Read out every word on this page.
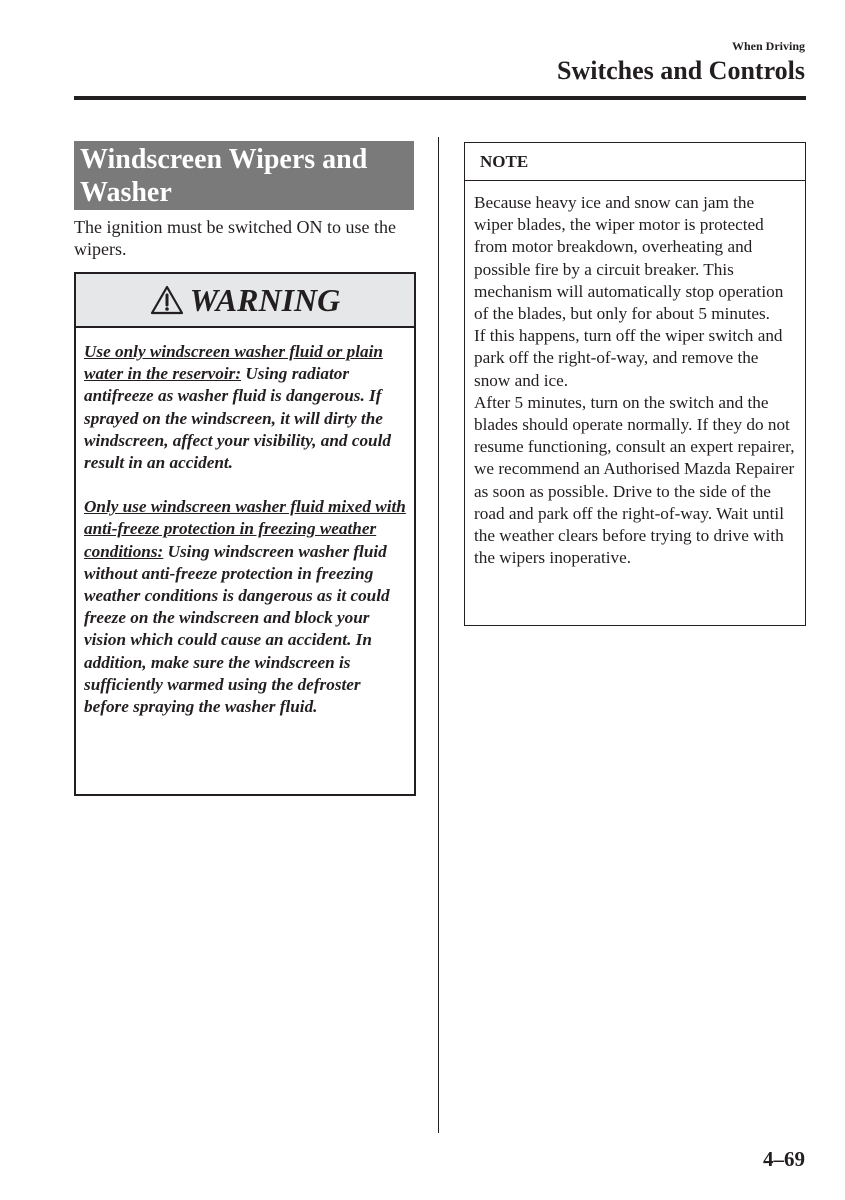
When Driving
Switches and Controls
Windscreen Wipers and Washer
The ignition must be switched ON to use the wipers.
WARNING
Use only windscreen washer fluid or plain water in the reservoir: Using radiator antifreeze as washer fluid is dangerous. If sprayed on the windscreen, it will dirty the windscreen, affect your visibility, and could result in an accident.
Only use windscreen washer fluid mixed with anti-freeze protection in freezing weather conditions: Using windscreen washer fluid without anti-freeze protection in freezing weather conditions is dangerous as it could freeze on the windscreen and block your vision which could cause an accident. In addition, make sure the windscreen is sufficiently warmed using the defroster before spraying the washer fluid.
NOTE
Because heavy ice and snow can jam the wiper blades, the wiper motor is protected from motor breakdown, overheating and possible fire by a circuit breaker. This mechanism will automatically stop operation of the blades, but only for about 5 minutes.
If this happens, turn off the wiper switch and park off the right-of-way, and remove the snow and ice.
After 5 minutes, turn on the switch and the blades should operate normally. If they do not resume functioning, consult an expert repairer, we recommend an Authorised Mazda Repairer as soon as possible. Drive to the side of the road and park off the right-of-way. Wait until the weather clears before trying to drive with the wipers inoperative.
4–69
